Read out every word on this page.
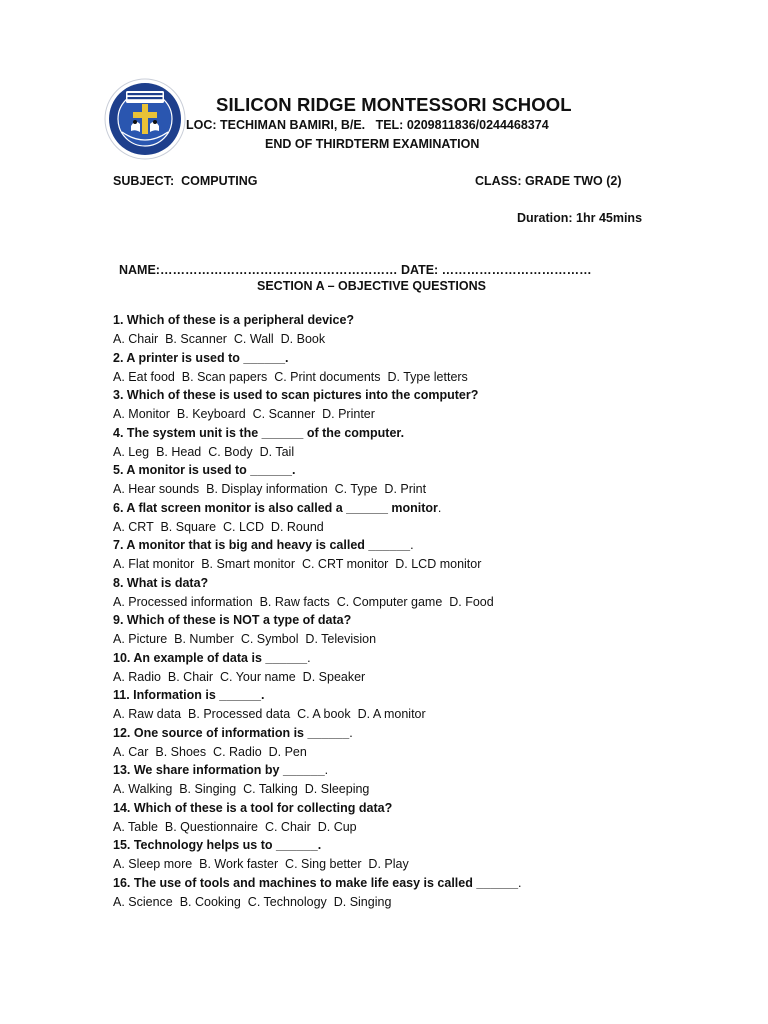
SILICON RIDGE MONTESSORI SCHOOL
LOC: TECHIMAN BAMIRI, B/E.   TEL: 0209811836/0244468374
END OF THIRDTERM EXAMINATION
SUBJECT:  COMPUTING	CLASS: GRADE TWO (2)
Duration: 1hr 45mins
NAME:………………………………………………… DATE: ………………………………
SECTION A – OBJECTIVE QUESTIONS
1. Which of these is a peripheral device?
A. Chair  B. Scanner  C. Wall  D. Book
2. A printer is used to ______.
A. Eat food  B. Scan papers  C. Print documents  D. Type letters
3. Which of these is used to scan pictures into the computer?
A. Monitor  B. Keyboard  C. Scanner  D. Printer
4. The system unit is the ______ of the computer.
A. Leg  B. Head  C. Body  D. Tail
5. A monitor is used to ______.
A. Hear sounds  B. Display information  C. Type  D. Print
6. A flat screen monitor is also called a ______ monitor.
A. CRT  B. Square  C. LCD  D. Round
7. A monitor that is big and heavy is called ______.
A. Flat monitor  B. Smart monitor  C. CRT monitor  D. LCD monitor
8. What is data?
A. Processed information  B. Raw facts  C. Computer game  D. Food
9. Which of these is NOT a type of data?
A. Picture  B. Number  C. Symbol  D. Television
10. An example of data is ______.
A. Radio  B. Chair  C. Your name  D. Speaker
11. Information is ______.
A. Raw data  B. Processed data  C. A book  D. A monitor
12. One source of information is ______.
A. Car  B. Shoes  C. Radio  D. Pen
13. We share information by ______.
A. Walking  B. Singing  C. Talking  D. Sleeping
14. Which of these is a tool for collecting data?
A. Table  B. Questionnaire  C. Chair  D. Cup
15. Technology helps us to ______.
A. Sleep more  B. Work faster  C. Sing better  D. Play
16. The use of tools and machines to make life easy is called ______.
A. Science  B. Cooking  C. Technology  D. Singing
